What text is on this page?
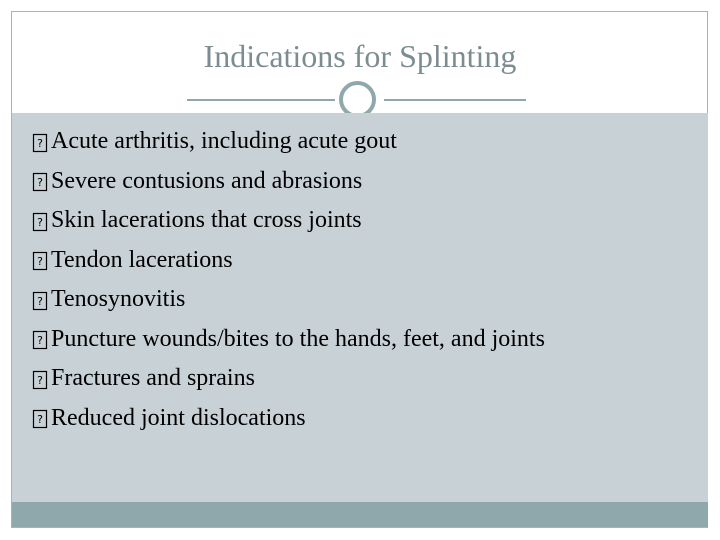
Indications for Splinting
? Acute arthritis, including acute gout
? Severe contusions and abrasions
? Skin lacerations that cross joints
? Tendon lacerations
? Tenosynovitis
? Puncture wounds/bites to the hands, feet, and joints
? Fractures and sprains
? Reduced joint dislocations
